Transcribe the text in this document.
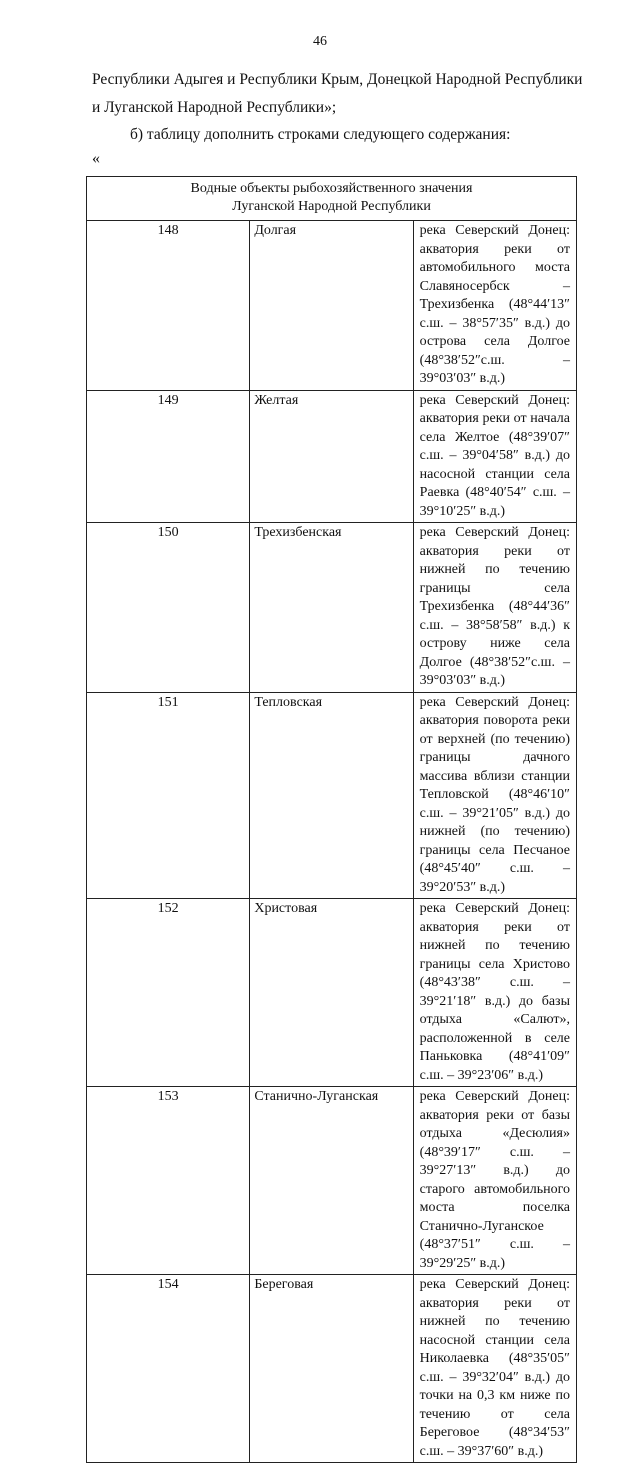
46
Республики Адыгея и Республики Крым, Донецкой Народной Республики
и Луганской Народной Республики»;
б) таблицу дополнить строками следующего содержания:
«
Водные объекты рыбохозяйственного значения
Луганской Народной Республики		

148	Долгая	река Северский Донец: акватория реки от автомобильного моста Славяносербск – Трехизбенка (48°44′13″ с.ш. – 38°57′35″ в.д.) до острова села Долгое (48°38′52″с.ш. – 39°03′03″ в.д.)
149	Желтая	река Северский Донец: акватория реки от начала села Желтое (48°39′07″ с.ш. – 39°04′58″ в.д.) до насосной станции села Раевка (48°40′54″ с.ш. – 39°10′25″ в.д.)
150	Трехизбенская	река Северский Донец: акватория реки от нижней по течению границы села Трехизбенка (48°44′36″ с.ш. – 38°58′58″ в.д.) к острову ниже села Долгое (48°38′52″с.ш. – 39°03′03″ в.д.)
151	Тепловская	река Северский Донец: акватория поворота реки от верхней (по течению) границы дачного массива вблизи станции Тепловской (48°46′10″ с.ш. – 39°21′05″ в.д.) до нижней (по течению) границы села Песчаное (48°45′40″ с.ш. – 39°20′53″ в.д.)
152	Христовая	река Северский Донец: акватория реки от нижней по течению границы села Христово (48°43′38″ с.ш. – 39°21′18″ в.д.) до базы отдыха «Салют», расположенной в селе Паньковка (48°41′09″ с.ш. – 39°23′06″ в.д.)
153	Станично-Луганская	река Северский Донец: акватория реки от базы отдыха «Десюлия» (48°39′17″ с.ш. – 39°27′13″ в.д.) до старого автомобильного моста поселка Станично-Луганское (48°37′51″ с.ш. – 39°29′25″ в.д.)
154	Береговая	река Северский Донец: акватория реки от нижней по течению насосной станции села Николаевка (48°35′05″ с.ш. – 39°32′04″ в.д.) до точки на 0,3 км ниже по течению от села Береговое (48°34′53″ с.ш. – 39°37′60″ в.д.)
